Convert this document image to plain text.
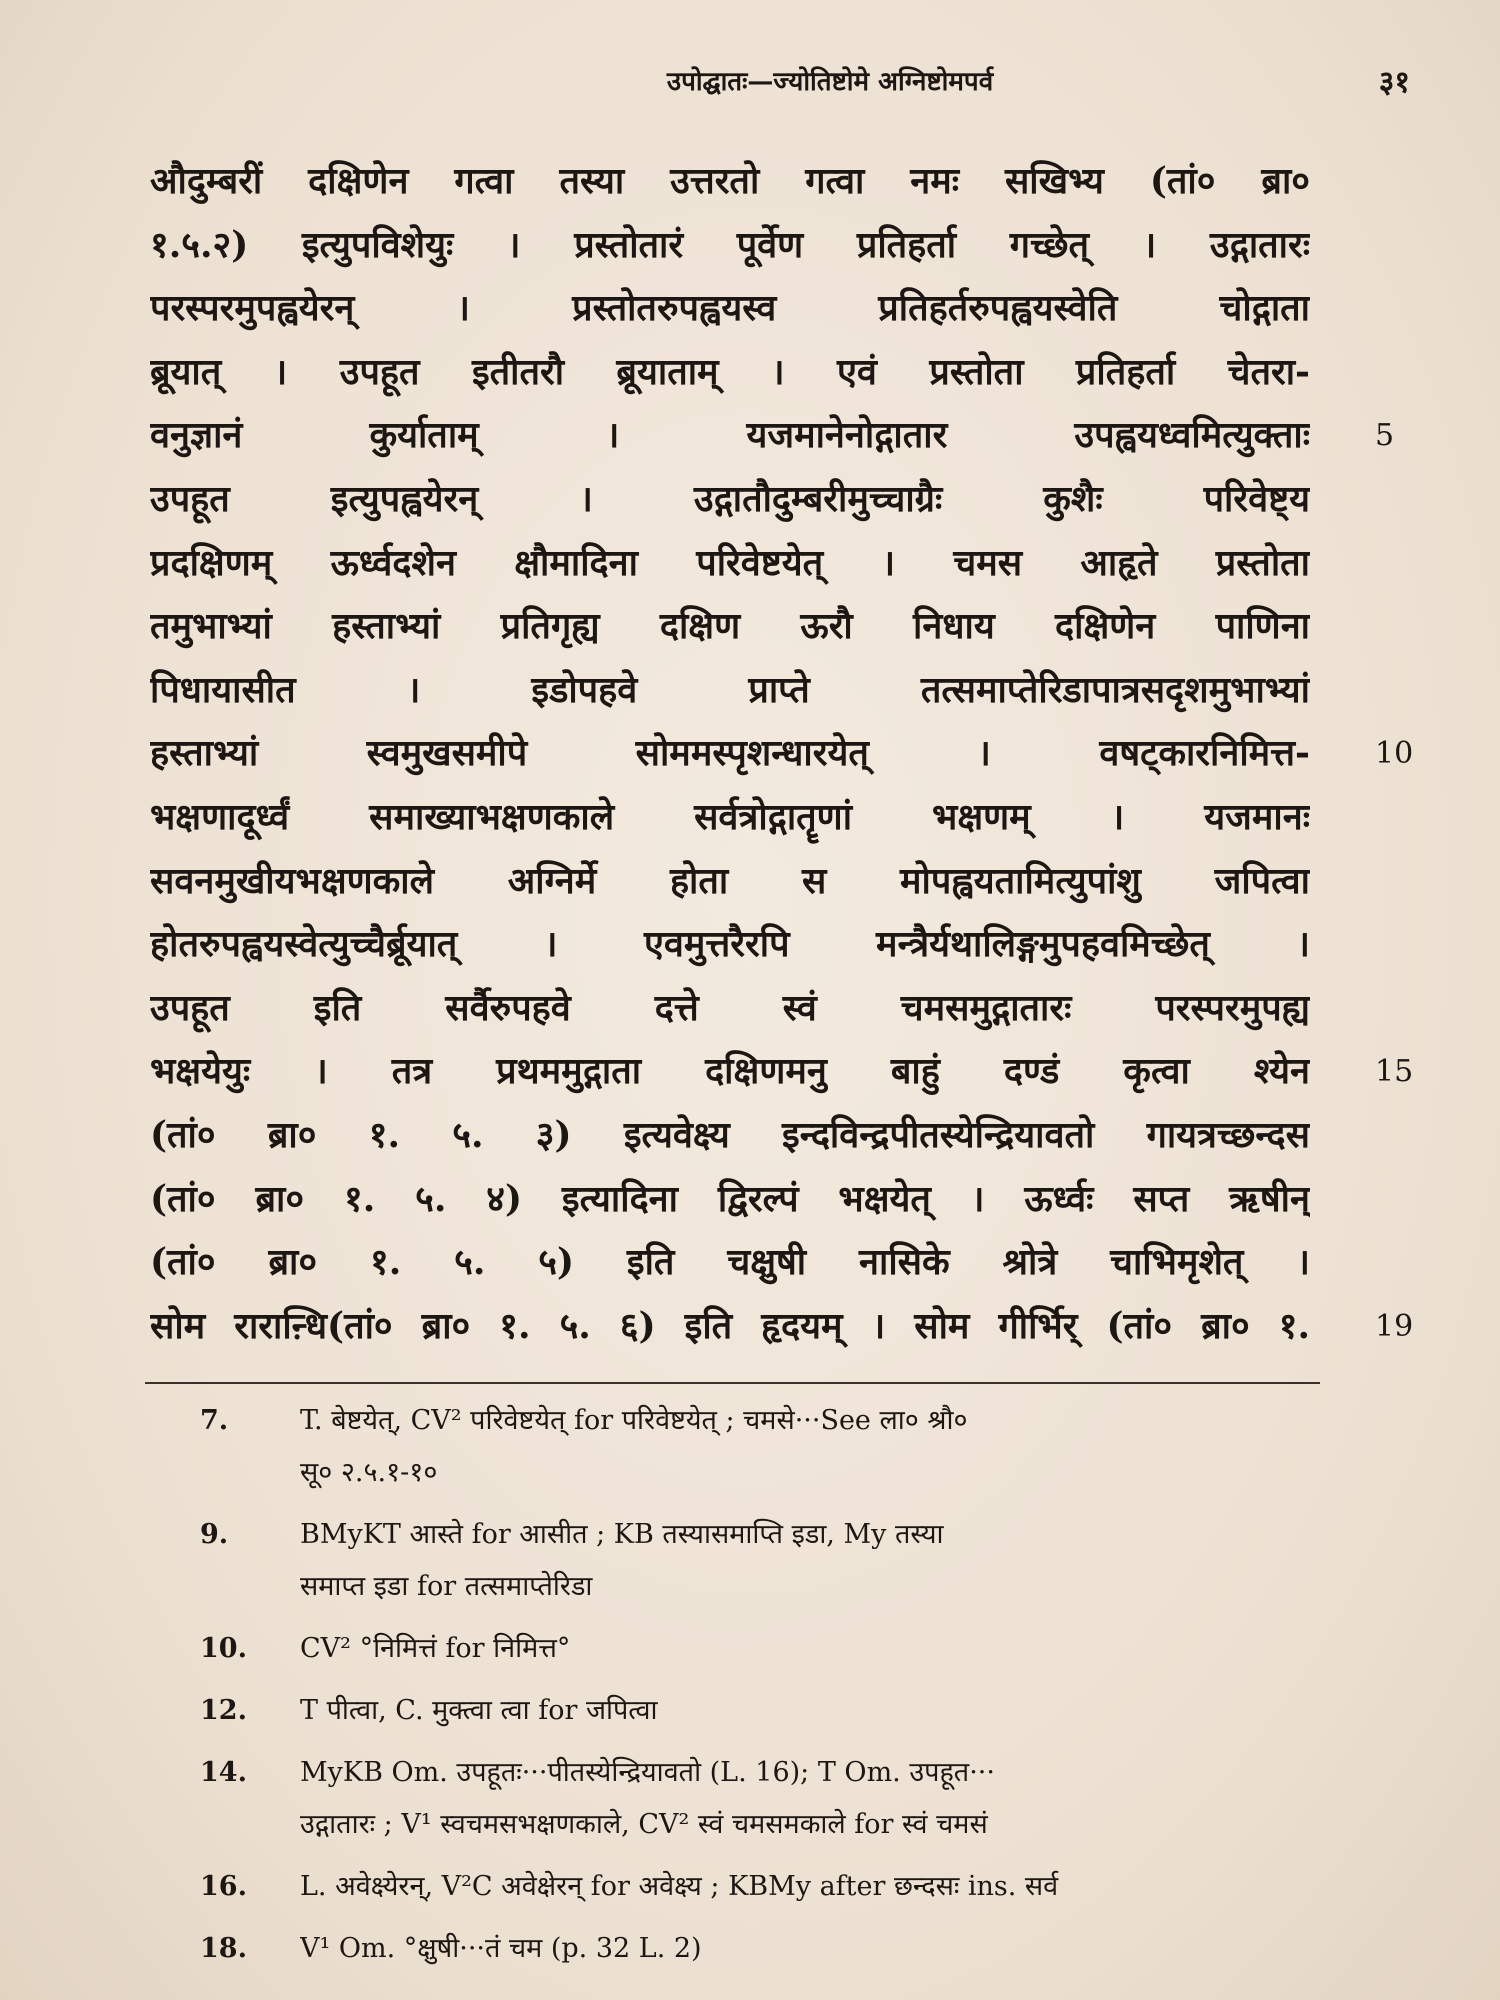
उपोद्घातः—ज्योतिष्टोमे अग्निष्टोमपर्व	३१
औदुम्बरीं दक्षिणेन गत्वा तस्या उत्तरतो गत्वा नमः सखिभ्य (तां० ब्रा०
१.५.२) इत्युपविशेयुः । प्रस्तोतारं पूर्वेण प्रतिहर्ता गच्छेत् । उद्गातारः
परस्परमुपह्वयेरन् । प्रस्तोतरुपह्वयस्व प्रतिहर्तरुपह्वयस्वेति चोद्गाता
ब्रूयात् । उपहूत इतीतरौ ब्रूयाताम् । एवं प्रस्तोता प्रतिहर्ता चेतरा-
वनुज्ञानं कुर्याताम् । यजमानेनोद्गातार उपह्वयध्वमित्युक्ताः
उपहूत इत्युपह्वयेरन् । उद्गातौदुम्बरीमुच्चाग्रैः कुशैः परिवेष्ट्य
प्रदक्षिणम् ऊर्ध्वदशेन क्षौमादिना परिवेष्टयेत् । चमस आहृते प्रस्तोता
तमुभाभ्यां हस्ताभ्यां प्रतिगृह्य दक्षिण ऊरौ निधाय दक्षिणेन पाणिना
पिधायासीत । इडोपहवे प्राप्ते तत्समाप्तेरिडापात्रसदृशमुभाभ्यां
हस्ताभ्यां स्वमुखसमीपे सोममस्पृशन्धारयेत् । वषट्कारनिमित्त-
भक्षणादूर्ध्वं समाख्याभक्षणकाले सर्वत्रोद्गातॄणां भक्षणम् । यजमानः
सवनमुखीयभक्षणकाले अग्निर्मे होता स मोपह्वयतामित्युपांशु जपित्वा
होतरुपह्वयस्वेत्युच्चैर्ब्रूयात् । एवमुत्तरैरपि मन्त्रैर्यथालिङ्गमुपहवमिच्छेत् ।
उपहूत इति सर्वैरुपहवे दत्ते स्वं चमसमुद्गातारः परस्परमुपह्य
भक्षयेयुः । तत्र प्रथममुद्गाता दक्षिणमनु बाहुं दण्डं कृत्वा श्येन
(तां० ब्रा० १. ५. ३) इत्यवेक्ष्य इन्दविन्द्रपीतस्येन्द्रियावतो गायत्रच्छन्दस
(तां० ब्रा० १. ५. ४) इत्यादिना द्विरल्पं भक्षयेत् । ऊर्ध्वः सप्त ऋषीन्
(तां० ब्रा० १. ५. ५) इति चक्षुषी नासिके श्रोत्रे चाभिमृशेत् ।
सोम राराऩ्धि(तां० ब्रा० १. ५. ६) इति हृदयम् । सोम गीर्भिर् (तां० ब्रा० १.
7.	T. बेष्टयेत्, CV² परिवेष्टयेत् for परिवेष्टयेत् ; चमसे···See ला० श्रौ०
सू० २.५.१-१०
9.	BMyKT आस्ते for आसीत ; KB तस्यासमाप्ति इडा, My तस्या
समाप्त इडा for तत्समाप्तेरिडा
10.	CV² °निमित्तं for निमित्त°
12.	T पीत्वा, C. मुक्त्वा त्वा for जपित्वा
14.	MyKB Om. उपहूतः···पीतस्येन्द्रियावतो (L. 16); T Om. उपहूत···
उद्गातारः ; V¹ स्वचमसभक्षणकाले, CV² स्वं चमसमकाले for स्वं चमसं
16.	L. अवेक्ष्येरन्, V²C अवेक्षेरन् for अवेक्ष्य ; KBMy after छन्दसः ins. सर्व
18.	V¹ Om. °क्षुषी···तं चम (p. 32 L. 2)
5
10
15
19
